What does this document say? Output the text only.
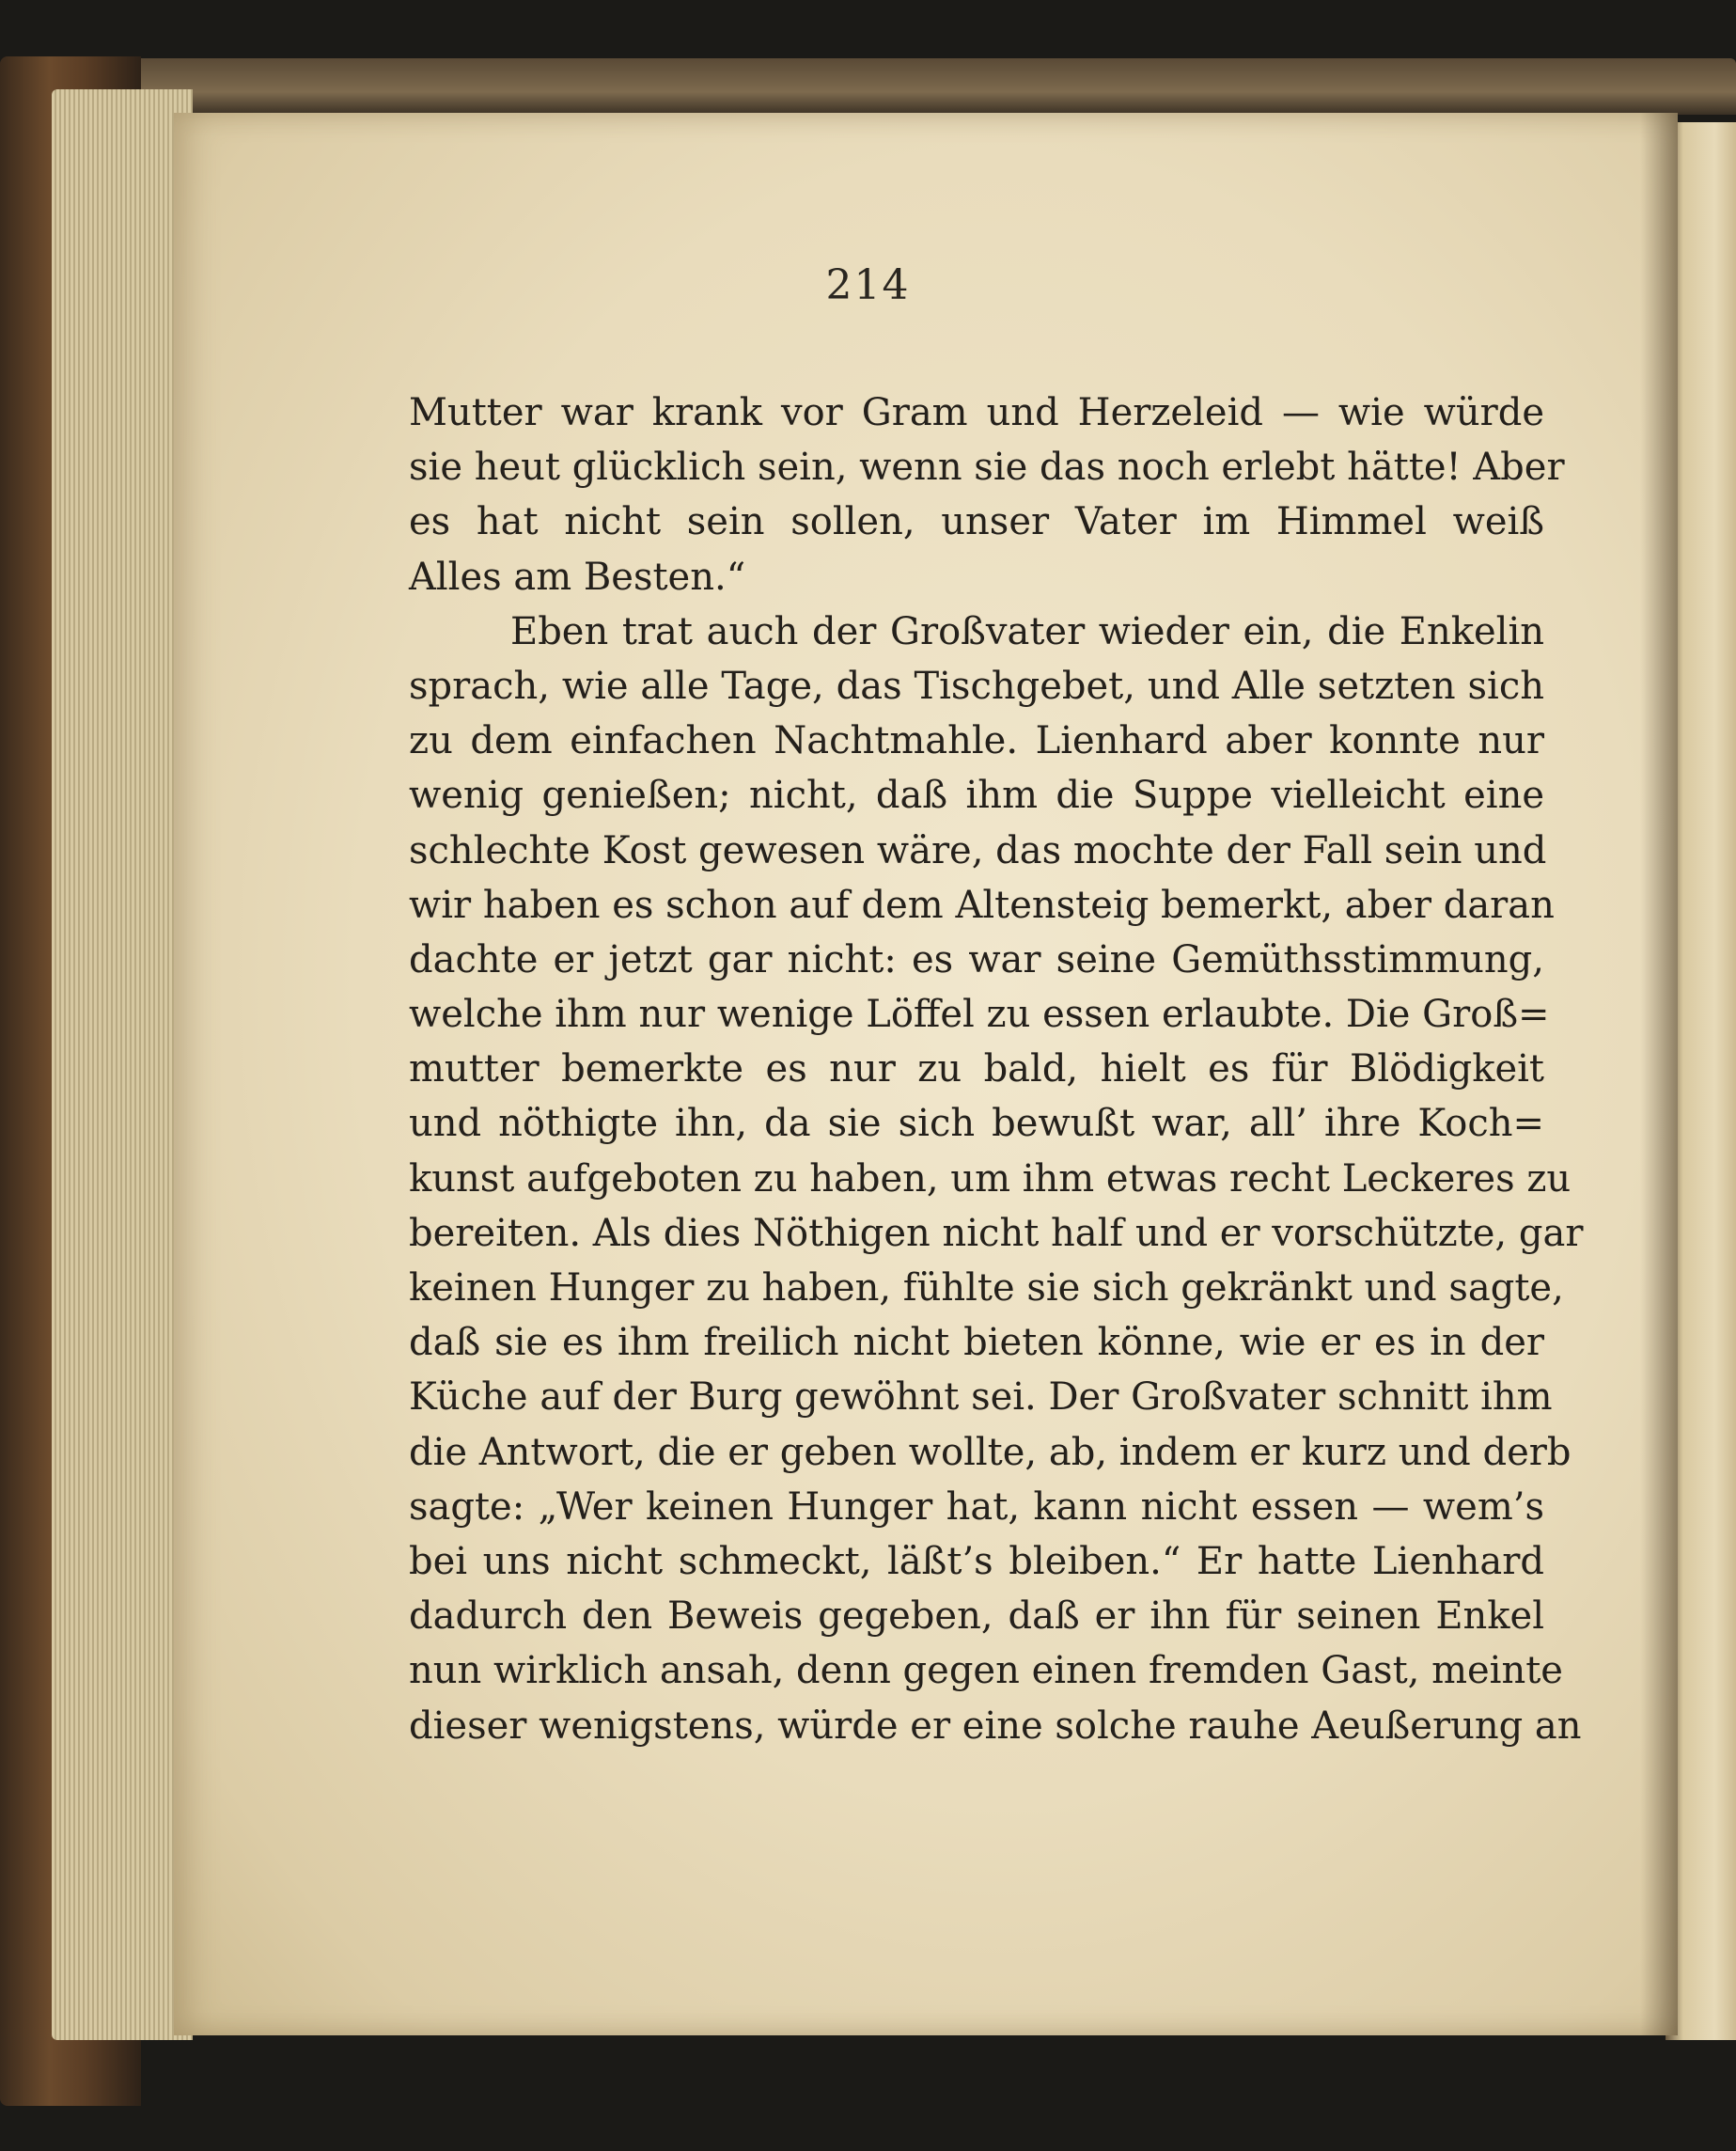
214
Mutter war krank vor Gram und Herzeleid — wie würde
sie heut glücklich sein, wenn sie das noch erlebt hätte! Aber
es hat nicht sein sollen, unser Vater im Himmel weiß
Alles am Besten.“
Eben trat auch der Großvater wieder ein, die Enkelin
sprach, wie alle Tage, das Tischgebet, und Alle setzten sich
zu dem einfachen Nachtmahle. Lienhard aber konnte nur
wenig genießen; nicht, daß ihm die Suppe vielleicht eine
schlechte Kost gewesen wäre, das mochte der Fall sein und
wir haben es schon auf dem Altensteig bemerkt, aber daran
dachte er jetzt gar nicht: es war seine Gemüthsstimmung,
welche ihm nur wenige Löffel zu essen erlaubte. Die Groß=
mutter bemerkte es nur zu bald, hielt es für Blödigkeit
und nöthigte ihn, da sie sich bewußt war, all’ ihre Koch=
kunst aufgeboten zu haben, um ihm etwas recht Leckeres zu
bereiten. Als dies Nöthigen nicht half und er vorschützte, gar
keinen Hunger zu haben, fühlte sie sich gekränkt und sagte,
daß sie es ihm freilich nicht bieten könne, wie er es in der
Küche auf der Burg gewöhnt sei. Der Großvater schnitt ihm
die Antwort, die er geben wollte, ab, indem er kurz und derb
sagte: „Wer keinen Hunger hat, kann nicht essen — wem’s
bei uns nicht schmeckt, läßt’s bleiben.“ Er hatte Lienhard
dadurch den Beweis gegeben, daß er ihn für seinen Enkel
nun wirklich ansah, denn gegen einen fremden Gast, meinte
dieser wenigstens, würde er eine solche rauhe Aeußerung an
